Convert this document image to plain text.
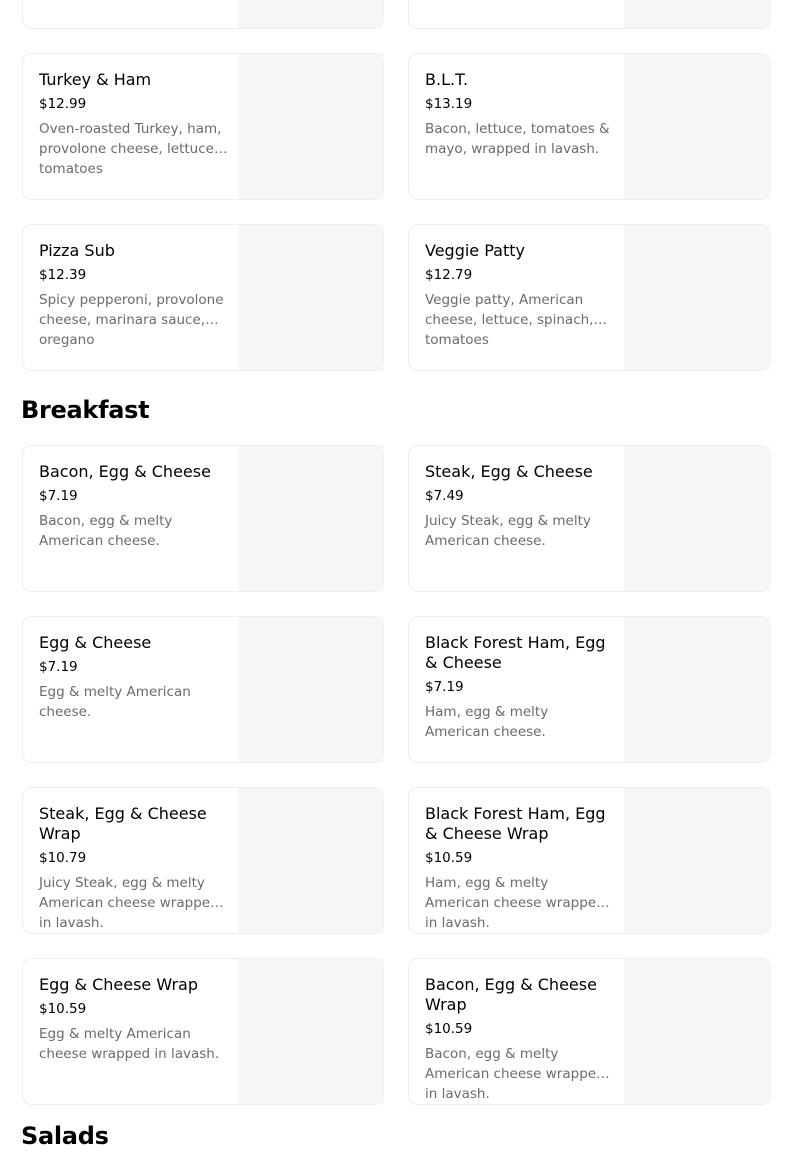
Turkey & Ham
$12.99
Oven-roasted Turkey, ham, provolone cheese, lettuce, tomatoes
B.L.T.
$13.19
Bacon, lettuce, tomatoes & mayo, wrapped in lavash.
Pizza Sub
$12.39
Spicy pepperoni, provolone cheese, marinara sauce, oregano
Veggie Patty
$12.79
Veggie patty, American cheese, lettuce, spinach, tomatoes
Breakfast
Bacon, Egg & Cheese
$7.19
Bacon, egg & melty American cheese.
Steak, Egg & Cheese
$7.49
Juicy Steak, egg & melty American cheese.
Egg & Cheese
$7.19
Egg & melty American cheese.
Black Forest Ham, Egg & Cheese
$7.19
Ham, egg & melty American cheese.
Steak, Egg & Cheese Wrap
$10.79
Juicy Steak, egg & melty American cheese wrapped in lavash.
Black Forest Ham, Egg & Cheese Wrap
$10.59
Ham, egg & melty American cheese wrapped in lavash.
Egg & Cheese Wrap
$10.59
Egg & melty American cheese wrapped in lavash.
Bacon, Egg & Cheese Wrap
$10.59
Bacon, egg & melty American cheese wrapped in lavash.
Salads
